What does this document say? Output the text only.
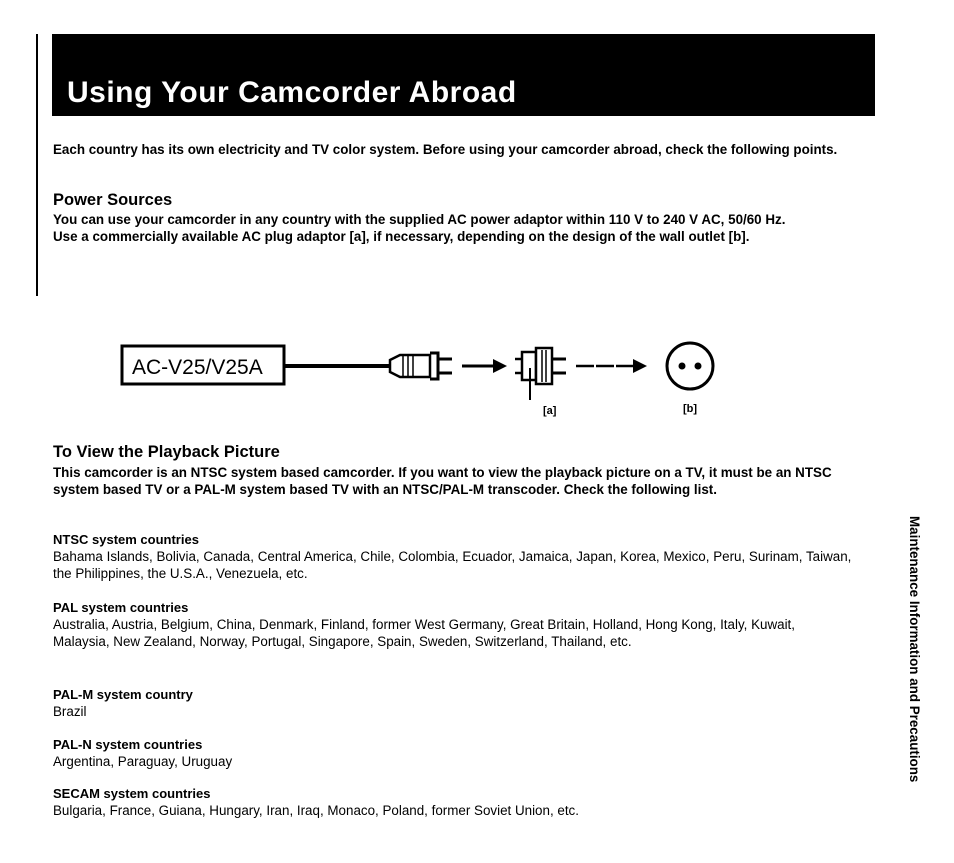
Using Your Camcorder Abroad

Each country has its own electricity and TV color system. Before using your camcorder abroad, check the following points.

Power Sources

You can use your camcorder in any country with the supplied AC power adaptor within 110 V to 240 V AC, 50/60 Hz.

Use a commercially available AC plug adaptor [a], if necessary, depending on the design of the wall outlet [b].

AC-V25/V25A
[a]	[b]
To View the Playback Picture

This camcorder is an NTSC system based camcorder. If you want to view the playback picture on a TV, it must be an NTSC system based TV or a PAL-M system based TV with an NTSC/PAL-M transcoder. Check the following list.

NTSC system countries

Bahama Islands, Bolivia, Canada, Central America, Chile, Colombia, Ecuador, Jamaica, Japan, Korea, Mexico, Peru, Surinam, Taiwan, the Philippines, the U.S.A., Venezuela, etc.

PAL system countries

Australia, Austria, Belgium, China, Denmark, Finland, former West Germany, Great Britain, Holland, Hong Kong, Italy, Kuwait, Malaysia, New Zealand, Norway, Portugal, Singapore, Spain, Sweden, Switzerland, Thailand, etc.

PAL-M system country

Brazil

PAL-N system countries

Argentina, Paraguay, Uruguay

SECAM system countries

Bulgaria, France, Guiana, Hungary, Iran, Iraq, Monaco, Poland, former Soviet Union, etc.

Maintenance Information and Precautions
